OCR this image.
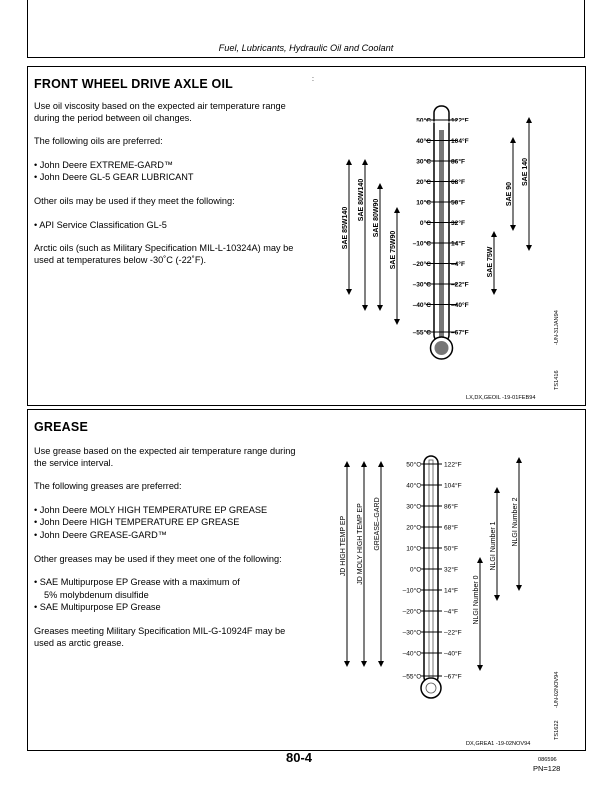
Fuel, Lubricants, Hydraulic Oil and Coolant
FRONT WHEEL DRIVE AXLE OIL	:

Use oil viscosity based on the expected air temperature range during the period between oil changes.

The following oils are preferred:

• John Deere EXTREME-GARD™

• John Deere GL-5 GEAR LUBRICANT

Other oils may be used if they meet the following:

• API Service Classification GL-5

Arctic oils (such as Military Specification MIL-L-10324A) may be used at temperatures below -30˚C (-22˚F).

50°C	122°F
40°C	104°F
30°C	86°F
20°C	68°F
10°C	50°F
0°C	32°F
–10°C	14°F
–20°C	–4°F
–30°C	–22°F
–40°C	–40°F
–55°C	–67°F
SAE 85W140
SAE 80W140 SAE 80W90
SAE 75W90	SAE 75W
SAE 90
SAE 140
-UN-31JAN94
TS1416
LX,DX,GEOIL -19-01FEB94
GREASE

Use grease based on the expected air temperature range during the service interval.

The following greases are preferred:

• John Deere MOLY HIGH TEMPERATURE EP GREASE

• John Deere HIGH TEMPERATURE EP GREASE

• John Deere GREASE-GARD™

Other greases may be used if they meet one of the following:

• SAE Multipurpose EP Grease with a maximum of

5% molybdenum disulfide

• SAE Multipurpose EP Grease

Greases meeting Military Specification MIL-G-10924F may be used as arctic grease.

50°C	122°F
40°C	104°F
30°C	86°F
20°C	68°F
10°C	50°F
0°C	32°F
–10°C	14°F
–20°C	–4°F
–30°C	–22°F
–40°C	–40°F
–55°C	–67°F
JD HIGH TEMP EP JD MOLY HIGH TEMP EP GREASE–GARD
NLGI Number 0
NLGI Number 1 NLGI Number 2
-UN-02NOV94
TS1622
DX,GREA1 -19-02NOV94
80-4	086596
PN=128
